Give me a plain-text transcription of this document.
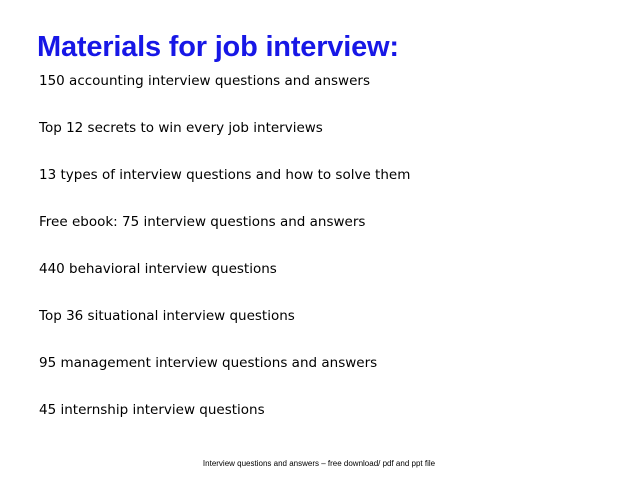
Materials for job interview:
150 accounting interview questions and answers
Top 12 secrets to win every job interviews
13 types of interview questions and how to solve them
Free ebook: 75 interview questions and answers
440 behavioral interview questions
Top 36 situational interview questions
95 management interview questions and answers
45 internship interview questions
Interview questions and answers – free download/ pdf and ppt file
